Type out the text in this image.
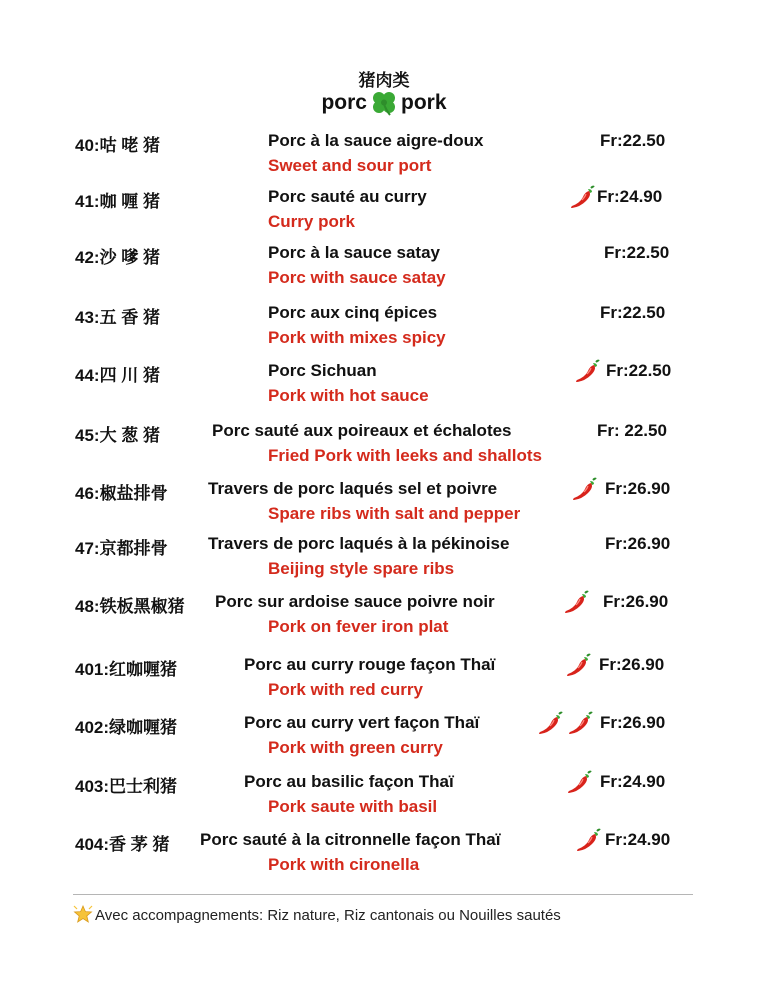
猪肉类
porc pork
40:咕 咾 猪	Porc à la sauce aigre-doux
Sweet and sour port
Fr:22.50
41:咖 喱 猪	Porc sauté au curry
Curry pork
Fr:24.90
42:沙 嗲 猪	Porc à la sauce satay
Porc with sauce satay
Fr:22.50
43:五 香 猪	Porc aux cinq épices
Pork with mixes spicy
Fr:22.50
44:四 川 猪	Porc Sichuan
Pork with hot sauce
Fr:22.50
45:大 葱 猪	Porc sauté aux poireaux et échalotes
Fried Pork with leeks and shallots
Fr: 22.50
46:椒盐排骨 Travers de porc laqués sel et poivre
Spare ribs with salt and pepper
Fr:26.90
47:京都排骨 Travers de porc laqués à la pékinoise
Beijing style spare ribs
Fr:26.90
48:铁板黑椒猪 Porc sur ardoise sauce poivre noir
Pork on fever iron plat
Fr:26.90
401:红咖喱猪	Porc au curry rouge façon Thaï
Pork with red curry
Fr:26.90
402:绿咖喱猪	Porc au curry vert façon Thaï
Pork with green curry
Fr:26.90
403:巴士利猪	Porc au basilic façon Thaï
Pork saute with basil
Fr:24.90
404:香 茅 猪 Porc sauté à la citronnelle façon Thaï
Pork with cironella
Fr:24.90
Avec accompagnements: Riz nature, Riz cantonais ou Nouilles sautés
